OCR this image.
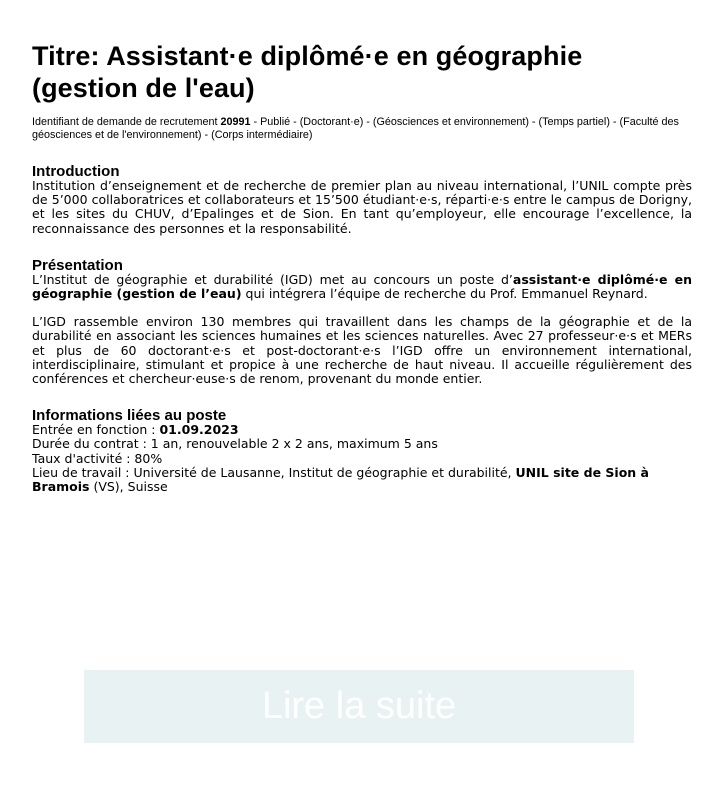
Titre: Assistant·e diplômé·e en géographie (gestion de l'eau)
Identifiant de demande de recrutement 20991 - Publié - (Doctorant·e) - (Géosciences et environnement) - (Temps partiel) - (Faculté des géosciences et de l'environnement) - (Corps intermédiaire)
Introduction

Institution d’enseignement et de recherche de premier plan au niveau international, l’UNIL compte près de 5’000 collaboratrices et collaborateurs et 15’500 étudiant·e·s, réparti·e·s entre le campus de Dorigny, et les sites du CHUV, d’Epalinges et de Sion. En tant qu’employeur, elle encourage l’excellence, la reconnaissance des personnes et la responsabilité.

Présentation

L’Institut de géographie et durabilité (IGD) met au concours un poste d’assistant·e diplômé·e en géographie (gestion de l’eau) qui intégrera l’équipe de recherche du Prof. Emmanuel Reynard.

L’IGD rassemble environ 130 membres qui travaillent dans les champs de la géographie et de la durabilité en associant les sciences humaines et les sciences naturelles. Avec 27 professeur·e·s et MERs et plus de 60 doctorant·e·s et post-doctorant·e·s l’IGD offre un environnement international, interdisciplinaire, stimulant et propice à une recherche de haut niveau. Il accueille régulièrement des conférences et chercheur·euse·s de renom, provenant du monde entier.

Informations liées au poste

Entrée en fonction : 01.09.2023

Durée du contrat : 1 an, renouvelable 2 x 2 ans, maximum 5 ans

Taux d'activité : 80%

Lieu de travail : Université de Lausanne, Institut de géographie et durabilité, UNIL site de Sion à Bramois (VS), Suisse

Lire la suite
